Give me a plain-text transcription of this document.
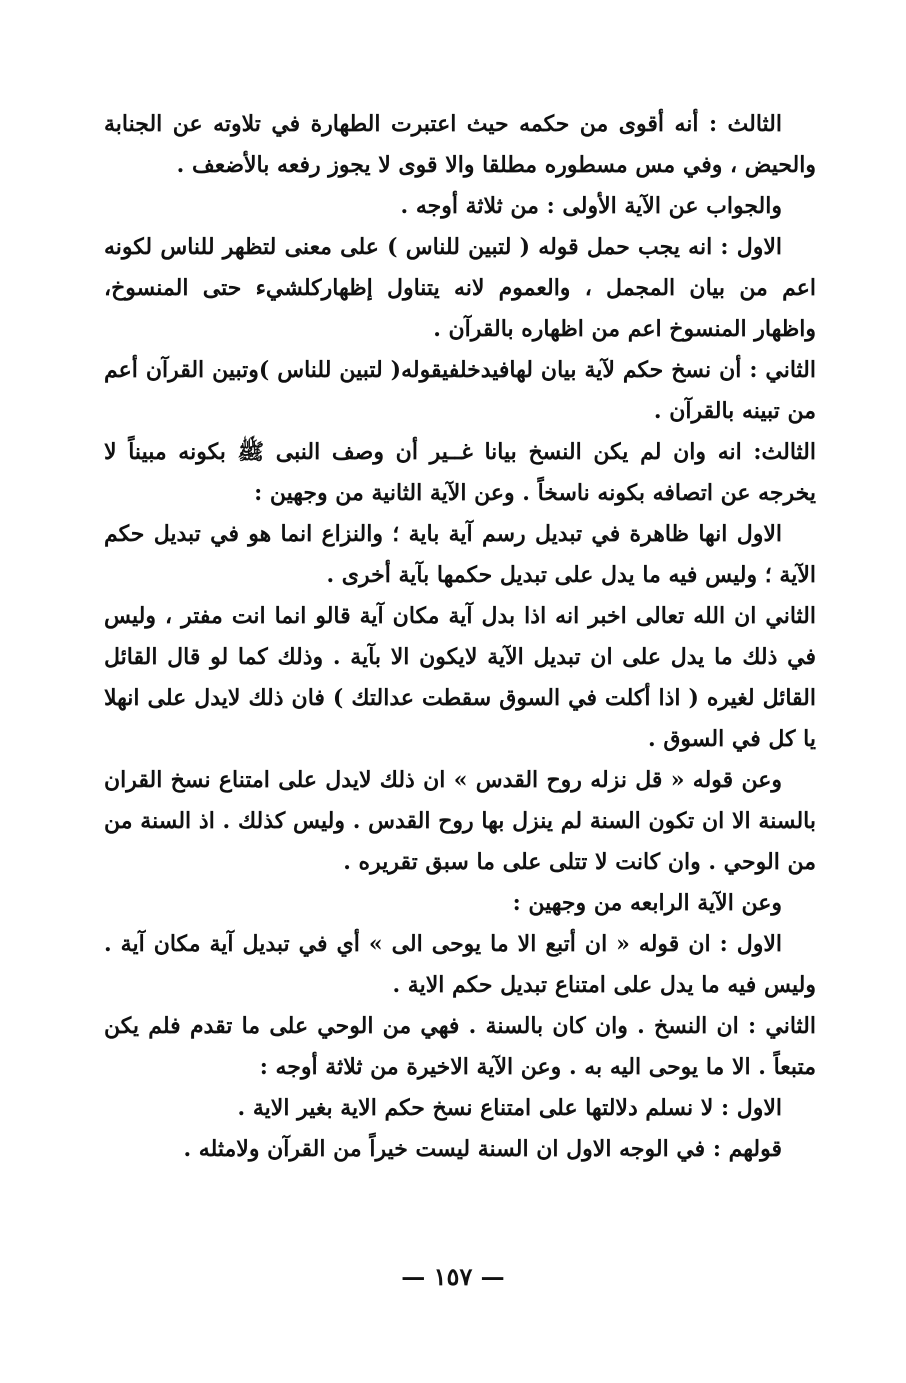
الثالث : أنه أقوى من حكمه حيث اعتبرت الطهارة في تلاوته عن الجنابة والحيض ، وفي مس مسطوره مطلقا والا قوى لا يجوز رفعه بالأضعف .

والجواب عن الآية الأولى : من ثلاثة أوجه .

الاول : انه يجب حمل قوله ( لتبين للناس ) على معنى لتظهر للناس لكونه اعم من بيان المجمل ، والعموم لانه يتناول إظهاركلشيء حتى المنسوخ، واظهار المنسوخ اعم من اظهاره بالقرآن .

الثاني : أن نسخ حكم لآية بيان لهافيدخلفيقوله( لتبين للناس )وتبين القرآن أعم من تبينه بالقرآن .

الثالث: انه وان لم يكن النسخ بيانا غــير أن وصف النبى ﷺ بكونه مبيناً لا يخرجه عن اتصافه بكونه ناسخاً . وعن الآية الثانية من وجهين :

الاول انها ظاهرة في تبديل رسم آية باية ؛ والنزاع انما هو في تبديل حكم الآية ؛ وليس فيه ما يدل على تبديل حكمها بآية أخرى .

الثاني ان الله تعالى اخبر انه اذا بدل آية مكان آية قالو انما انت مفتر ، وليس في ذلك ما يدل على ان تبديل الآية لايكون الا بآية . وذلك كما لو قال القائل القائل لغيره ( اذا أكلت في السوق سقطت عدالتك ) فان ذلك لايدل على انهلا يا كل في السوق .

وعن قوله « قل نزله روح القدس » ان ذلك لايدل على امتناع نسخ القران بالسنة الا ان تكون السنة لم ينزل بها روح القدس . وليس كذلك . اذ السنة من من الوحي . وان كانت لا تتلى على ما سبق تقريره .

وعن الآية الرابعه من وجهين :

الاول : ان قوله « ان أتبع الا ما يوحى الى » أي في تبديل آية مكان آية . وليس فيه ما يدل على امتناع تبديل حكم الاية .

الثاني : ان النسخ . وان كان بالسنة . فهي من الوحي على ما تقدم فلم يكن متبعاً . الا ما يوحى اليه به . وعن الآية الاخيرة من ثلاثة أوجه :

الاول : لا نسلم دلالتها على امتناع نسخ حكم الاية بغير الاية .

قولهم : في الوجه الاول ان السنة ليست خيراً من القرآن ولامثله .

— ١٥٧ —
